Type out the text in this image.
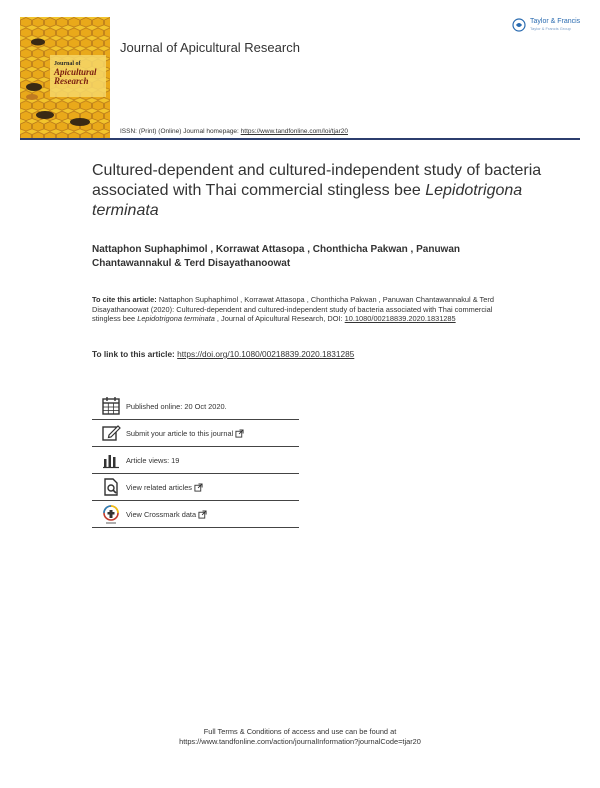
Journal of
Apicultural
Research
Journal of Apicultural Research
Taylor & Francis
Taylor & Francis Group
ISSN: (Print) (Online) Journal homepage: https://www.tandfonline.com/loi/tjar20
Cultured-dependent and cultured-independent study of bacteria associated with Thai commercial stingless bee Lepidotrigona terminata
Nattaphon Suphaphimol , Korrawat Attasopa , Chonthicha Pakwan , Panuwan Chantawannakul & Terd Disayathanoowat
To cite this article: Nattaphon Suphaphimol , Korrawat Attasopa , Chonthicha Pakwan , Panuwan Chantawannakul & Terd Disayathanoowat (2020): Cultured-dependent and cultured-independent study of bacteria associated with Thai commercial stingless bee Lepidotrigona terminata , Journal of Apicultural Research, DOI: 10.1080/00218839.2020.1831285
To link to this article: https://doi.org/10.1080/00218839.2020.1831285
Published online: 20 Oct 2020.
Submit your article to this journal
Article views: 19
View related articles
View Crossmark data
Full Terms & Conditions of access and use can be found at
https://www.tandfonline.com/action/journalInformation?journalCode=tjar20
